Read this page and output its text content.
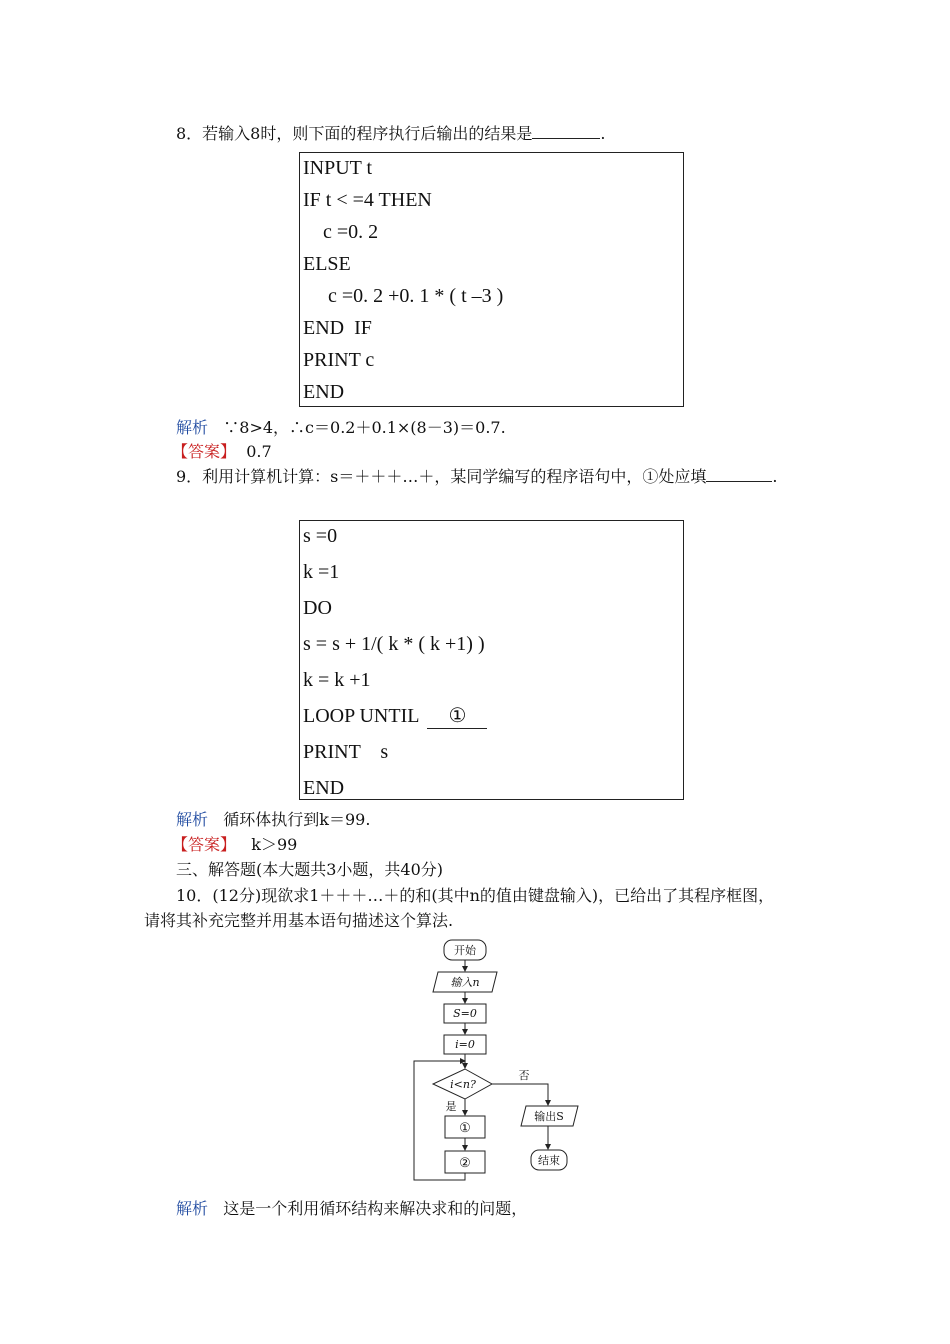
8．若输入8时，则下面的程序执行后输出的结果是	.
INPUT t
IF t < =4 THEN
c =0. 2
ELSE
c =0. 2 +0. 1 * ( t –3 )
END  IF
PRINT c
END
解析 ∵8>4，∴c＝0.2＋0.1×(8－3)＝0.7.
【答案】 0.7
9．利用计算机计算：s＝＋＋＋…＋，某同学编写的程序语句中，①处应填	.
s =0
k =1
DO
s = s + 1/( k * ( k +1) )
k = k +1
LOOP UNTIL ①
PRINT    s
END
解析 循环体执行到k＝99.
【答案】 k＞99
三、解答题(本大题共3小题，共40分)
10．(12分)现欲求1＋＋＋…＋的和(其中n的值由键盘输入)，已给出了其程序框图，
请将其补充完整并用基本语句描述这个算法.
开始
输入n
S=0
i=0
i<n?
否
是
①
②
输出S
结束
解析 这是一个利用循环结构来解决求和的问题，
